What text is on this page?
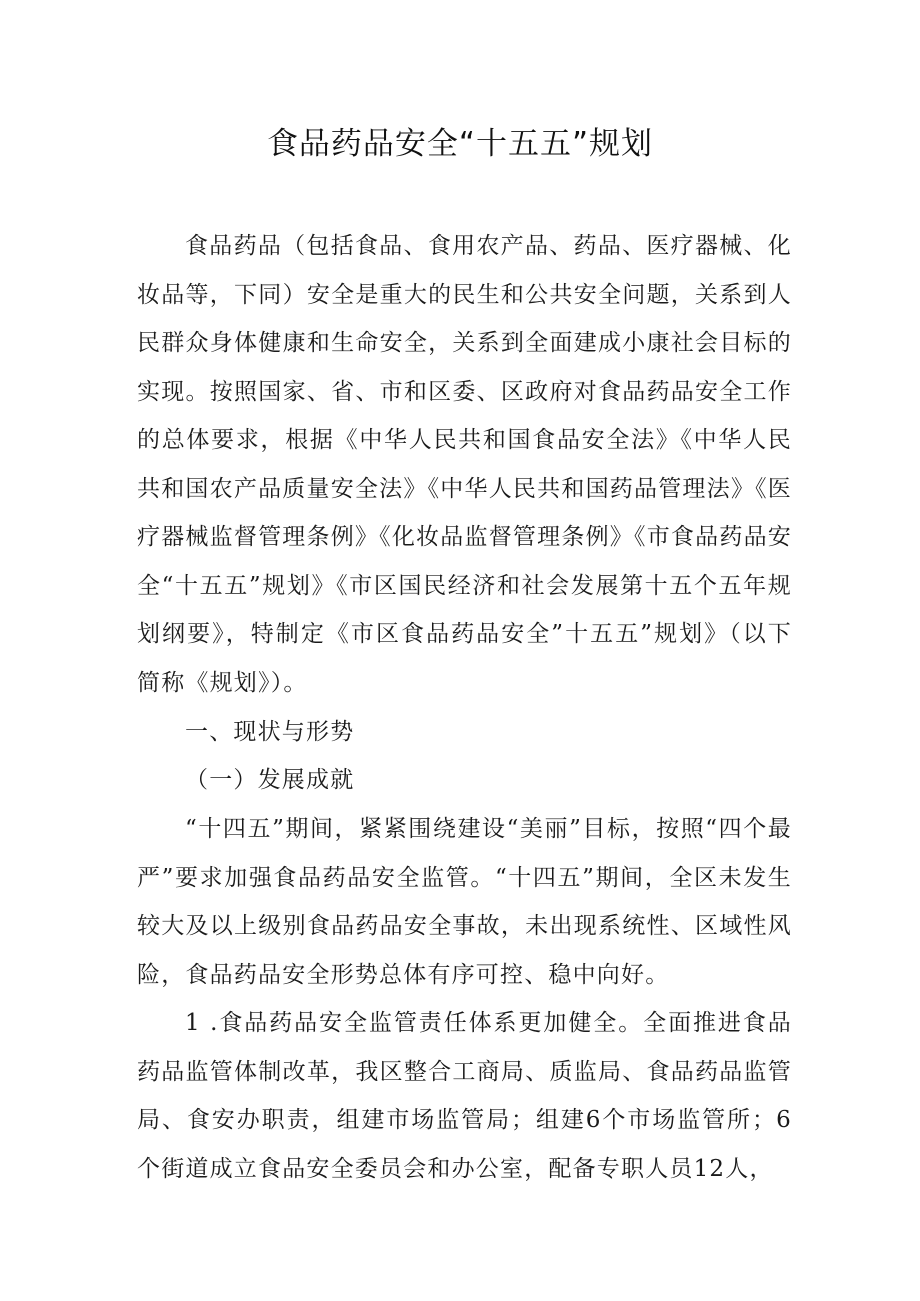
食品药品安全“十五五”规划

食品药品（包括食品、食用农产品、药品、医疗器械、化妆品等，下同）安全是重大的民生和公共安全问题，关系到人民群众身体健康和生命安全，关系到全面建成小康社会目标的实现。按照国家、省、市和区委、区政府对食品药品安全工作的总体要求，根据《中华人民共和国食品安全法》《中华人民共和国农产品质量安全法》《中华人民共和国药品管理法》《医疗器械监督管理条例》《化妆品监督管理条例》《市食品药品安全“十五五”规划》《市区国民经济和社会发展第十五个五年规划纲要》，特制定《市区食品药品安全”十五五”规划》（以下简称《规划》）。

一、现状与形势

（一）发展成就

“十四五”期间，紧紧围绕建设“美丽”目标，按照“四个最严”要求加强食品药品安全监管。“十四五”期间，全区未发生较大及以上级别食品药品安全事故，未出现系统性、区域性风险，食品药品安全形势总体有序可控、稳中向好。

1 .食品药品安全监管责任体系更加健全。全面推进食品药品监管体制改革，我区整合工商局、质监局、食品药品监管局、食安办职责，组建市场监管局；组建6个市场监管所；6个街道成立食品安全委员会和办公室，配备专职人员12人，
